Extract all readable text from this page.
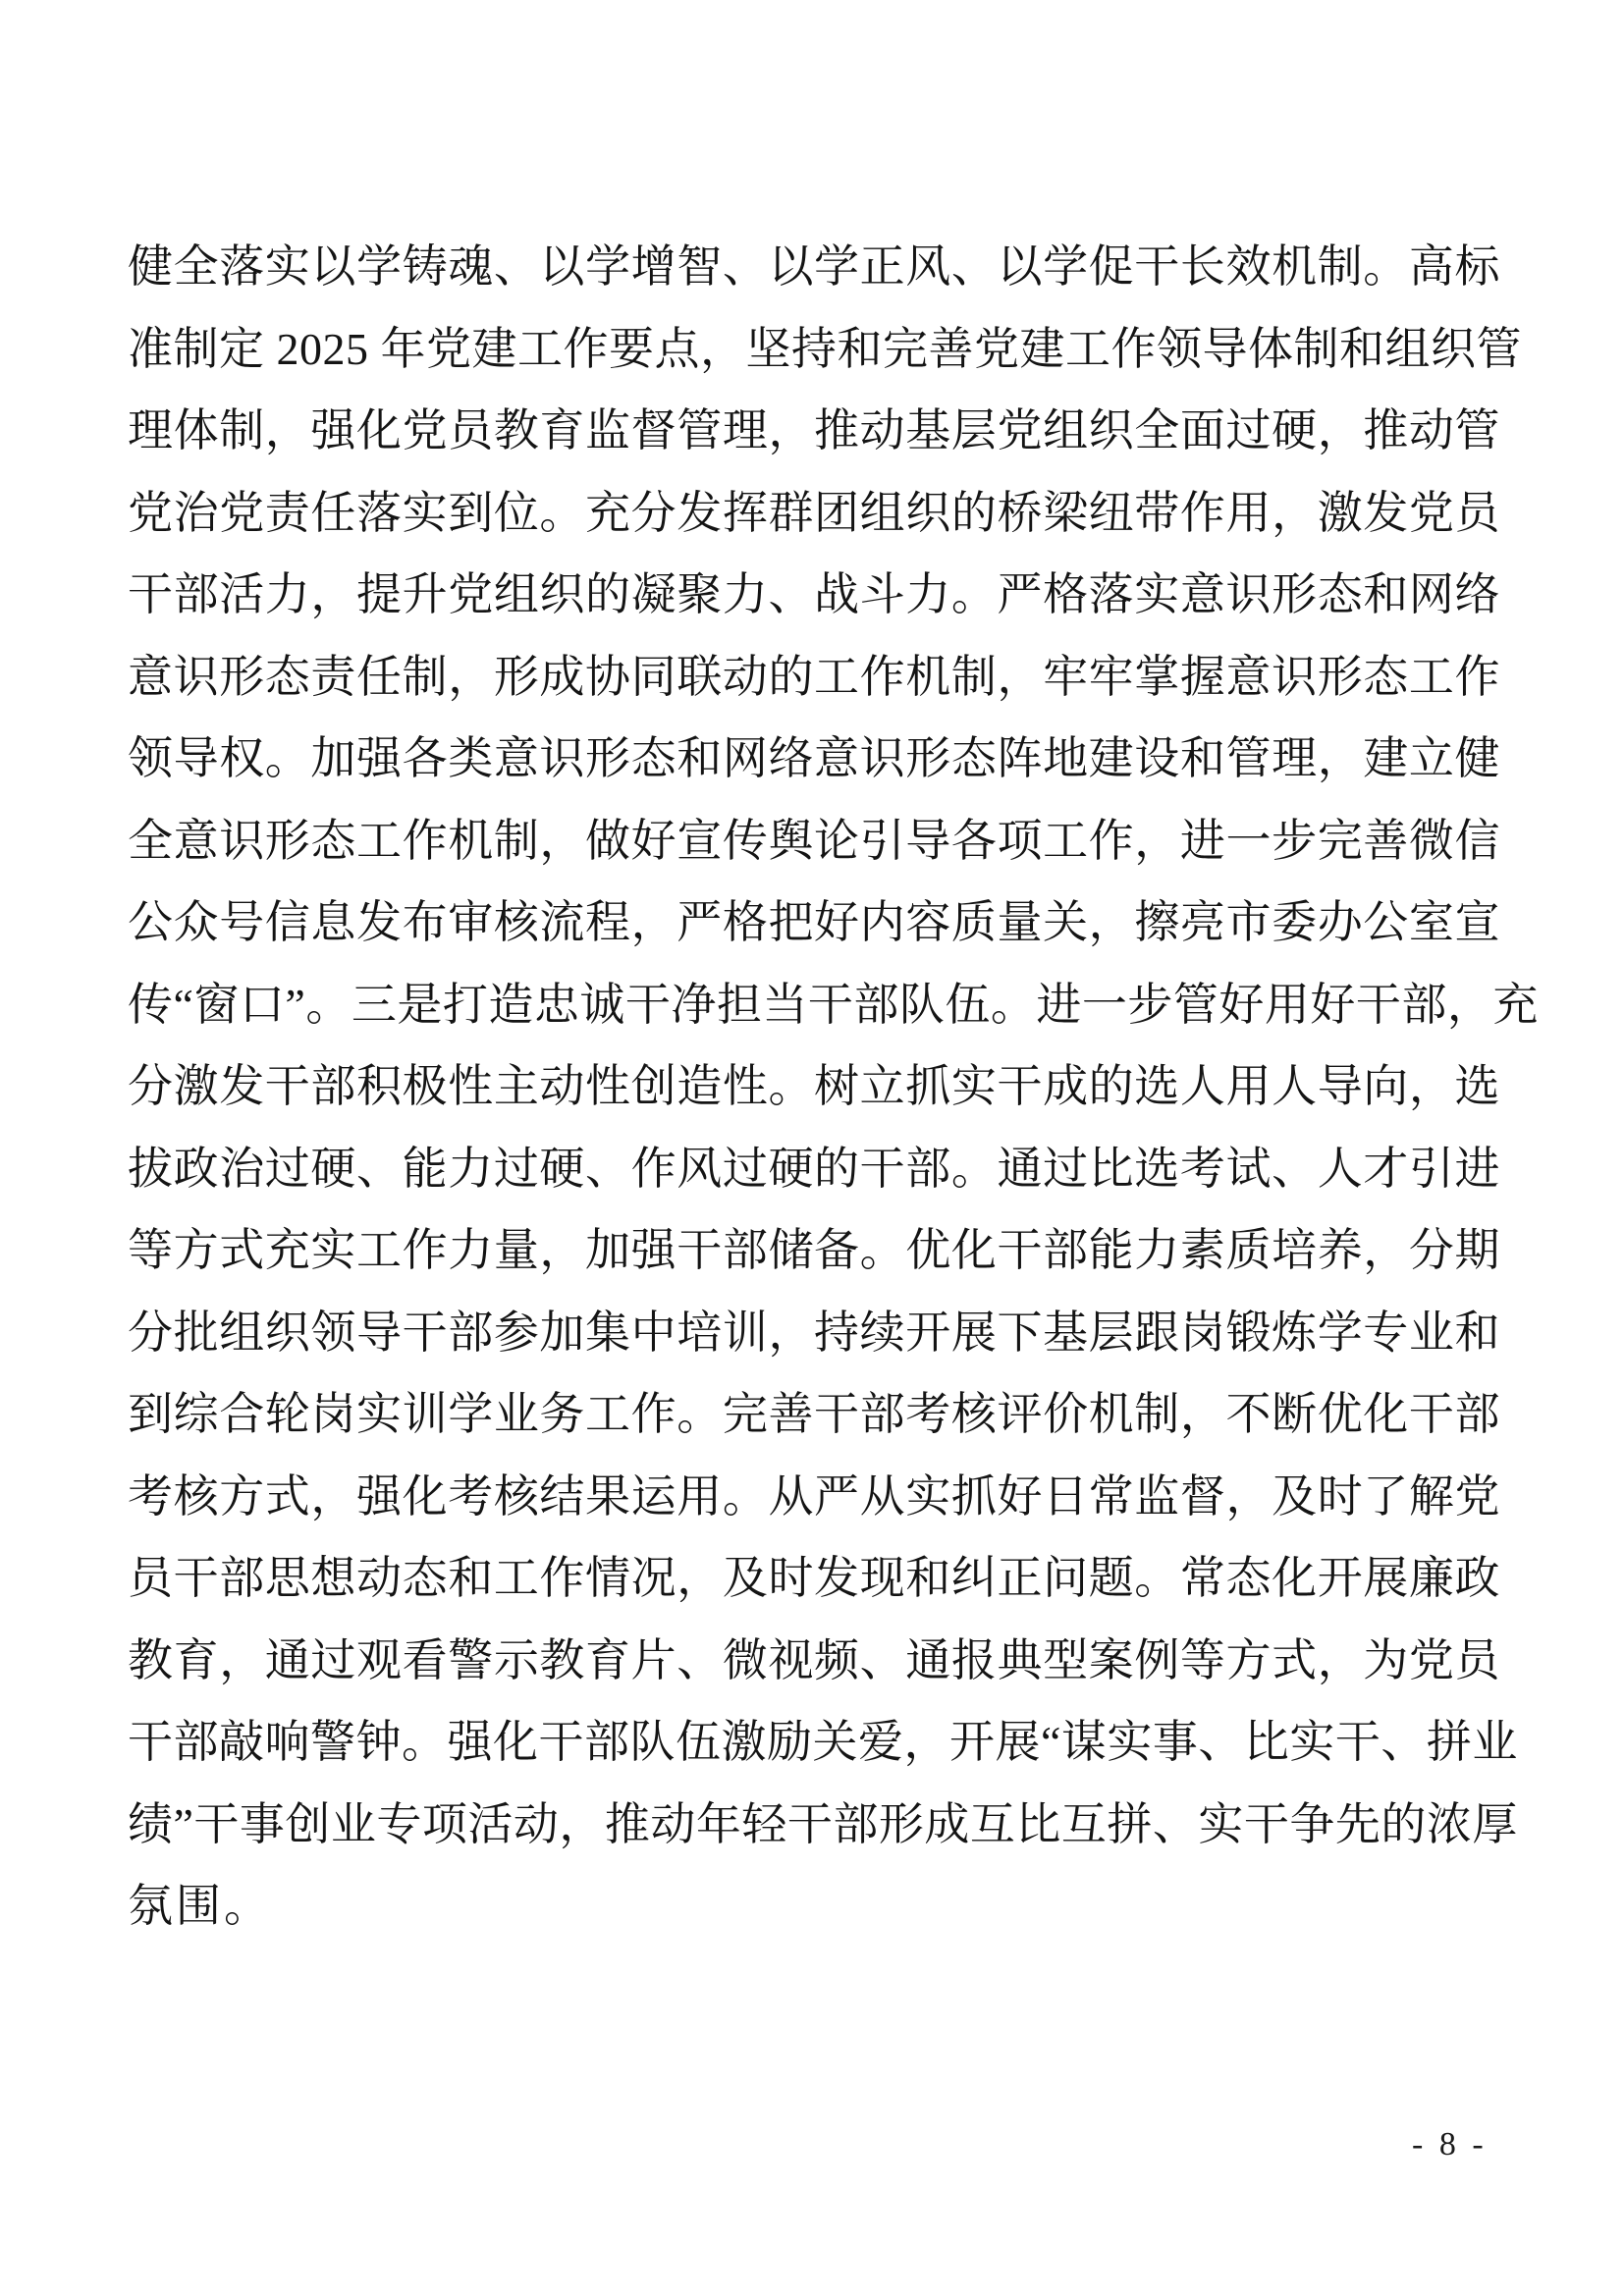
健全落实以学铸魂、以学增智、以学正风、以学促干长效机制。高标
准制定 2025 年党建工作要点，坚持和完善党建工作领导体制和组织管
理体制，强化党员教育监督管理，推动基层党组织全面过硬，推动管
党治党责任落实到位。充分发挥群团组织的桥梁纽带作用，激发党员
干部活力，提升党组织的凝聚力、战斗力。严格落实意识形态和网络
意识形态责任制，形成协同联动的工作机制，牢牢掌握意识形态工作
领导权。加强各类意识形态和网络意识形态阵地建设和管理，建立健
全意识形态工作机制，做好宣传舆论引导各项工作，进一步完善微信
公众号信息发布审核流程，严格把好内容质量关，擦亮市委办公室宣
传“窗口”。三是打造忠诚干净担当干部队伍。进一步管好用好干部，充
分激发干部积极性主动性创造性。树立抓实干成的选人用人导向，选
拔政治过硬、能力过硬、作风过硬的干部。通过比选考试、人才引进
等方式充实工作力量，加强干部储备。优化干部能力素质培养，分期
分批组织领导干部参加集中培训，持续开展下基层跟岗锻炼学专业和
到综合轮岗实训学业务工作。完善干部考核评价机制，不断优化干部
考核方式，强化考核结果运用。从严从实抓好日常监督，及时了解党
员干部思想动态和工作情况，及时发现和纠正问题。常态化开展廉政
教育，通过观看警示教育片、微视频、通报典型案例等方式，为党员
干部敲响警钟。强化干部队伍激励关爱，开展“谋实事、比实干、拼业
绩”干事创业专项活动，推动年轻干部形成互比互拼、实干争先的浓厚
氛围。
- 8 -
